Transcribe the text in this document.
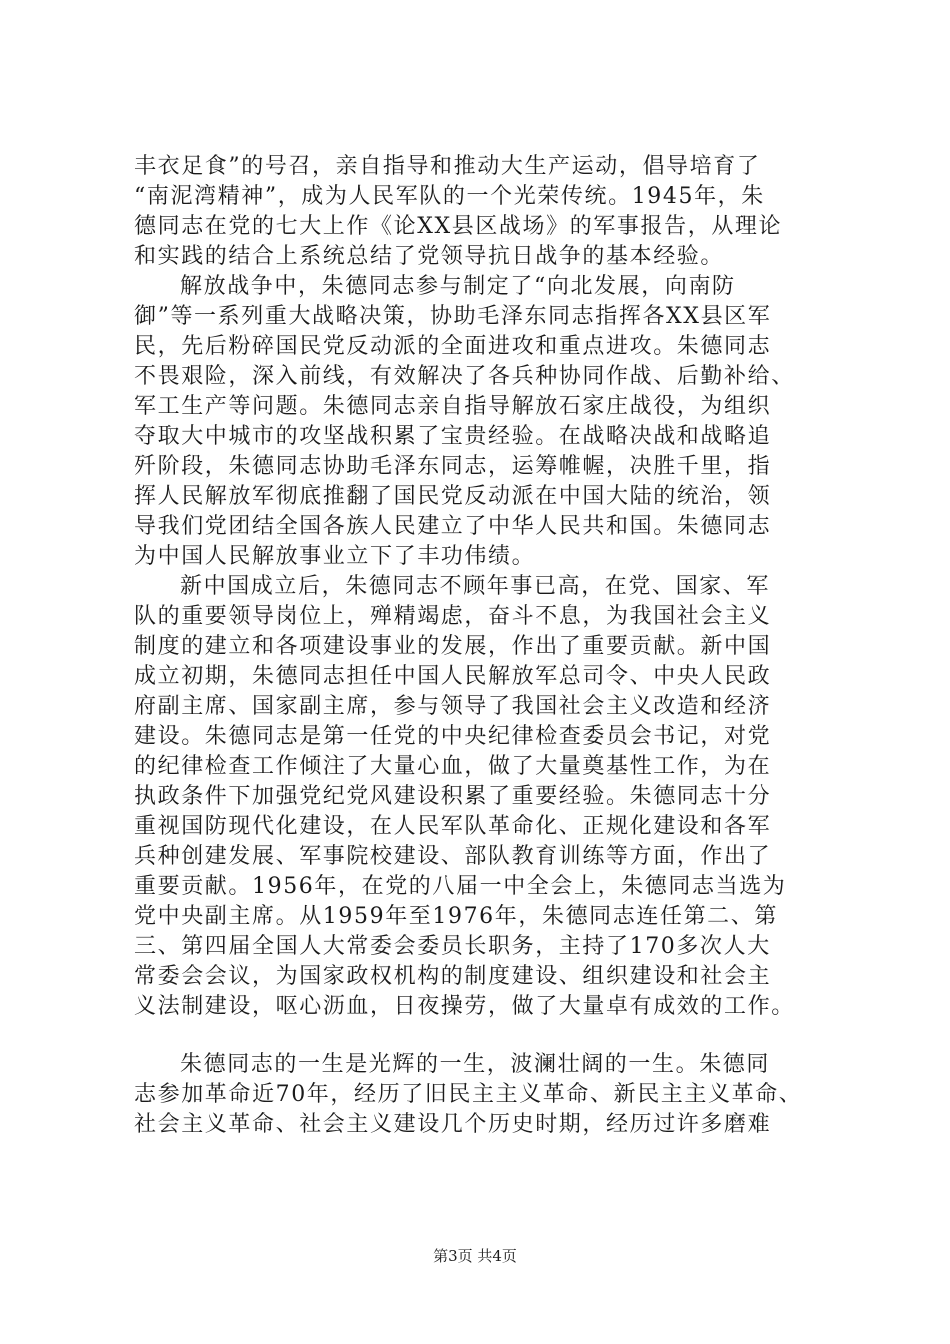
丰衣足食”的号召，亲自指导和推动大生产运动，倡导培育了
“南泥湾精神”，成为人民军队的一个光荣传统。1945年，朱
德同志在党的七大上作《论XX县区战场》的军事报告，从理论
和实践的结合上系统总结了党领导抗日战争的基本经验。
解放战争中，朱德同志参与制定了“向北发展，向南防
御”等一系列重大战略决策，协助毛泽东同志指挥各XX县区军
民，先后粉碎国民党反动派的全面进攻和重点进攻。朱德同志
不畏艰险，深入前线，有效解决了各兵种协同作战、后勤补给、
军工生产等问题。朱德同志亲自指导解放石家庄战役，为组织
夺取大中城市的攻坚战积累了宝贵经验。在战略决战和战略追
歼阶段，朱德同志协助毛泽东同志，运筹帷幄，决胜千里，指
挥人民解放军彻底推翻了国民党反动派在中国大陆的统治，领
导我们党团结全国各族人民建立了中华人民共和国。朱德同志
为中国人民解放事业立下了丰功伟绩。
新中国成立后，朱德同志不顾年事已高，在党、国家、军
队的重要领导岗位上，殚精竭虑，奋斗不息，为我国社会主义
制度的建立和各项建设事业的发展，作出了重要贡献。新中国
成立初期，朱德同志担任中国人民解放军总司令、中央人民政
府副主席、国家副主席，参与领导了我国社会主义改造和经济
建设。朱德同志是第一任党的中央纪律检查委员会书记，对党
的纪律检查工作倾注了大量心血，做了大量奠基性工作，为在
执政条件下加强党纪党风建设积累了重要经验。朱德同志十分
重视国防现代化建设，在人民军队革命化、正规化建设和各军
兵种创建发展、军事院校建设、部队教育训练等方面，作出了
重要贡献。1956年，在党的八届一中全会上，朱德同志当选为
党中央副主席。从1959年至1976年，朱德同志连任第二、第
三、第四届全国人大常委会委员长职务，主持了170多次人大
常委会会议，为国家政权机构的制度建设、组织建设和社会主
义法制建设，呕心沥血，日夜操劳，做了大量卓有成效的工作。
朱德同志的一生是光辉的一生，波澜壮阔的一生。朱德同
志参加革命近70年，经历了旧民主主义革命、新民主主义革命、
社会主义革命、社会主义建设几个历史时期，经历过许多磨难
第3页 共4页
